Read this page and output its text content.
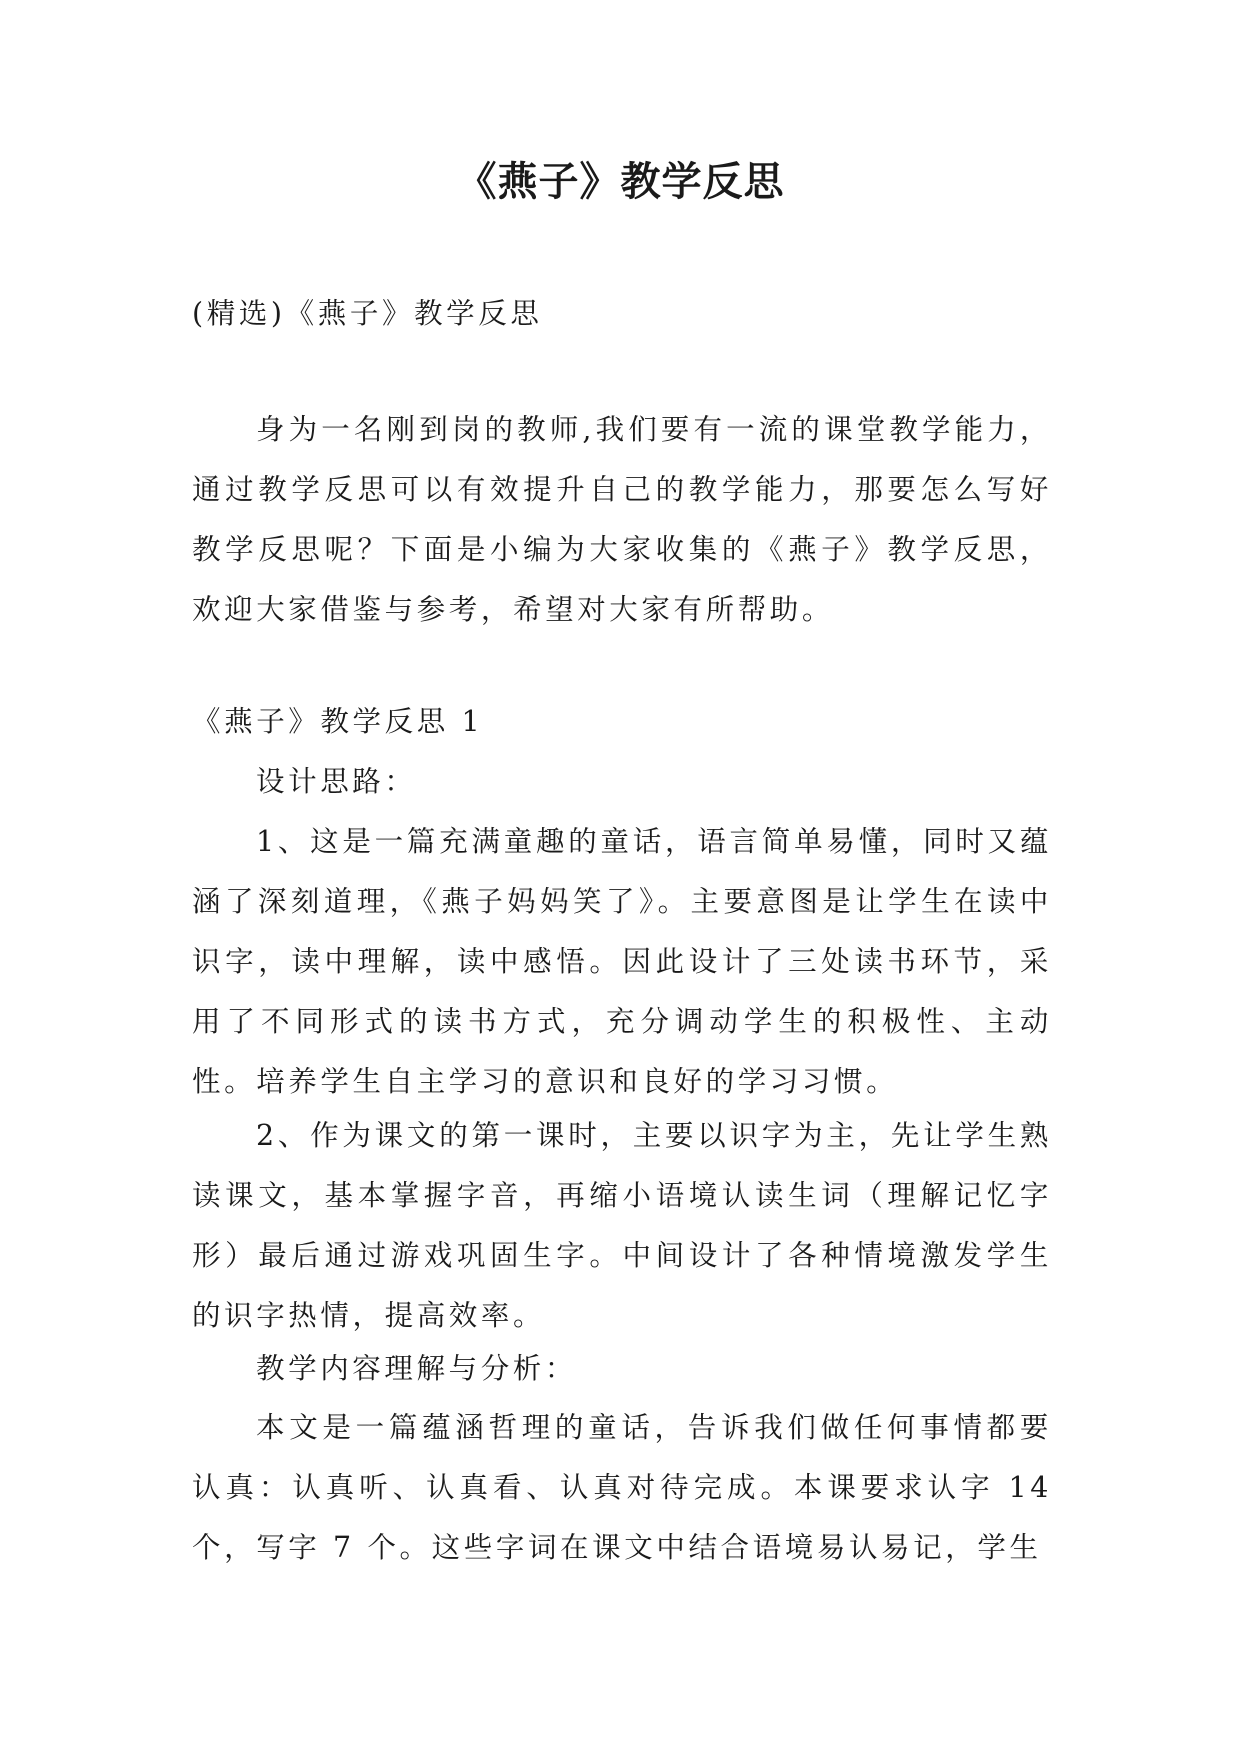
《燕子》教学反思

(精选)《燕子》教学反思

身为一名刚到岗的教师,我们要有一流的课堂教学能力，通过教学反思可以有效提升自己的教学能力，那要怎么写好教学反思呢？下面是小编为大家收集的《燕子》教学反思，欢迎大家借鉴与参考，希望对大家有所帮助。

《燕子》教学反思 1

设计思路：

1、这是一篇充满童趣的童话，语言简单易懂，同时又蕴涵了深刻道理，《燕子妈妈笑了》。主要意图是让学生在读中识字，读中理解，读中感悟。因此设计了三处读书环节，采用了不同形式的读书方式，充分调动学生的积极性、主动性。培养学生自主学习的意识和良好的学习习惯。

2、作为课文的第一课时，主要以识字为主，先让学生熟读课文，基本掌握字音，再缩小语境认读生词（理解记忆字形）最后通过游戏巩固生字。中间设计了各种情境激发学生的识字热情，提高效率。

教学内容理解与分析：

本文是一篇蕴涵哲理的童话，告诉我们做任何事情都要认真：认真听、认真看、认真对待完成。本课要求认字 14 个，写字 7 个。这些字词在课文中结合语境易认易记，学生
